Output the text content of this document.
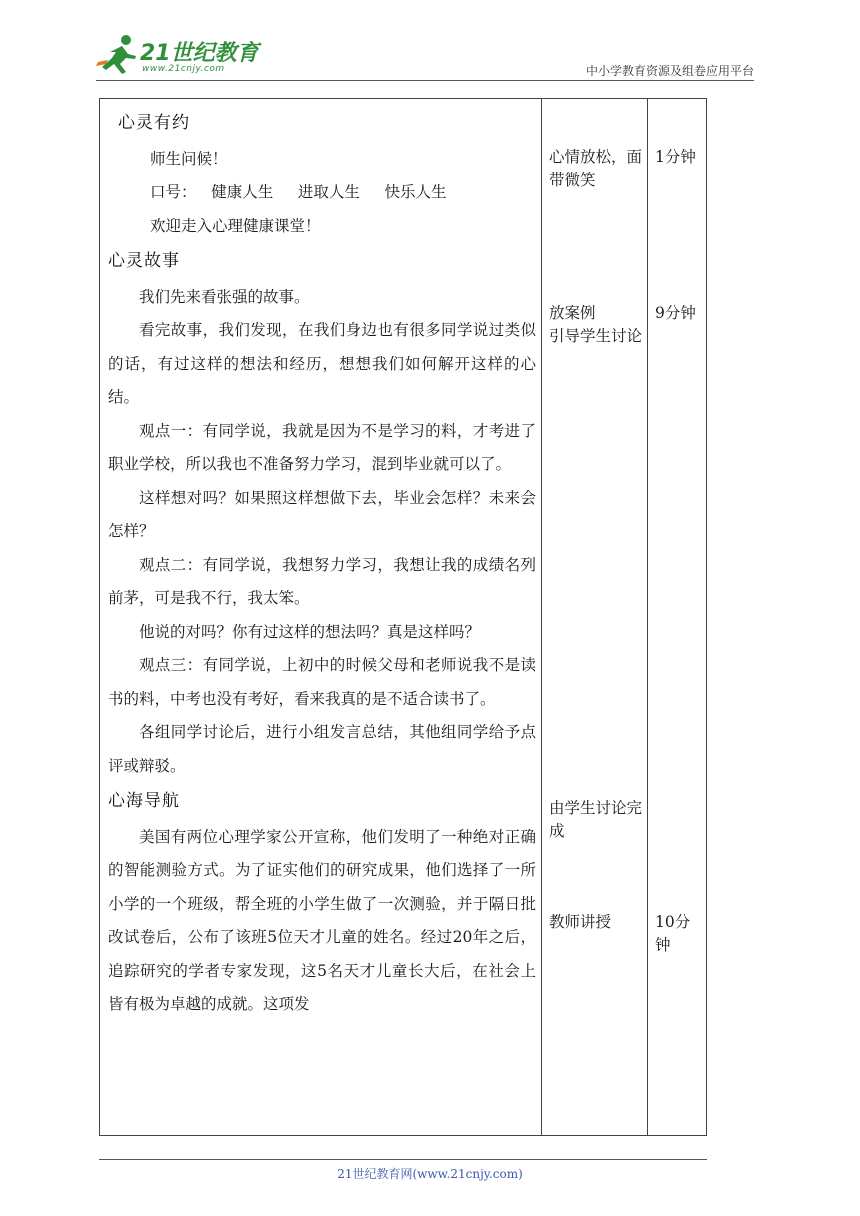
21世纪教育
www.21cnjy.com	中小学教育资源及组卷应用平台
心灵有约
师生问候！
口号：   健康人生     进取人生     快乐人生
欢迎走入心理健康课堂！
心灵故事
我们先来看张强的故事。
看完故事，我们发现，在我们身边也有很多同学说过类似的话，有过这样的想法和经历，想想我们如何解开这样的心结。
观点一：有同学说，我就是因为不是学习的料，才考进了职业学校，所以我也不准备努力学习，混到毕业就可以了。
这样想对吗？如果照这样想做下去，毕业会怎样？未来会怎样？
观点二：有同学说，我想努力学习，我想让我的成绩名列前茅，可是我不行，我太笨。
他说的对吗？你有过这样的想法吗？真是这样吗？
观点三：有同学说，上初中的时候父母和老师说我不是读书的料，中考也没有考好，看来我真的是不适合读书了。
各组同学讨论后，进行小组发言总结，其他组同学给予点评或辩驳。
心海导航
美国有两位心理学家公开宣称，他们发明了一种绝对正确的智能测验方式。为了证实他们的研究成果，他们选择了一所小学的一个班级，帮全班的小学生做了一次测验，并于隔日批改试卷后，公布了该班5位天才儿童的姓名。经过20年之后，追踪研究的学者专家发现，这5名天才儿童长大后，在社会上皆有极为卓越的成就。这项发
心情放松，面带微笑
放案例
引导学生讨论
由学生讨论完成
教师讲授
1分钟
9分钟
10分钟
21世纪教育网(www.21cnjy.com)
